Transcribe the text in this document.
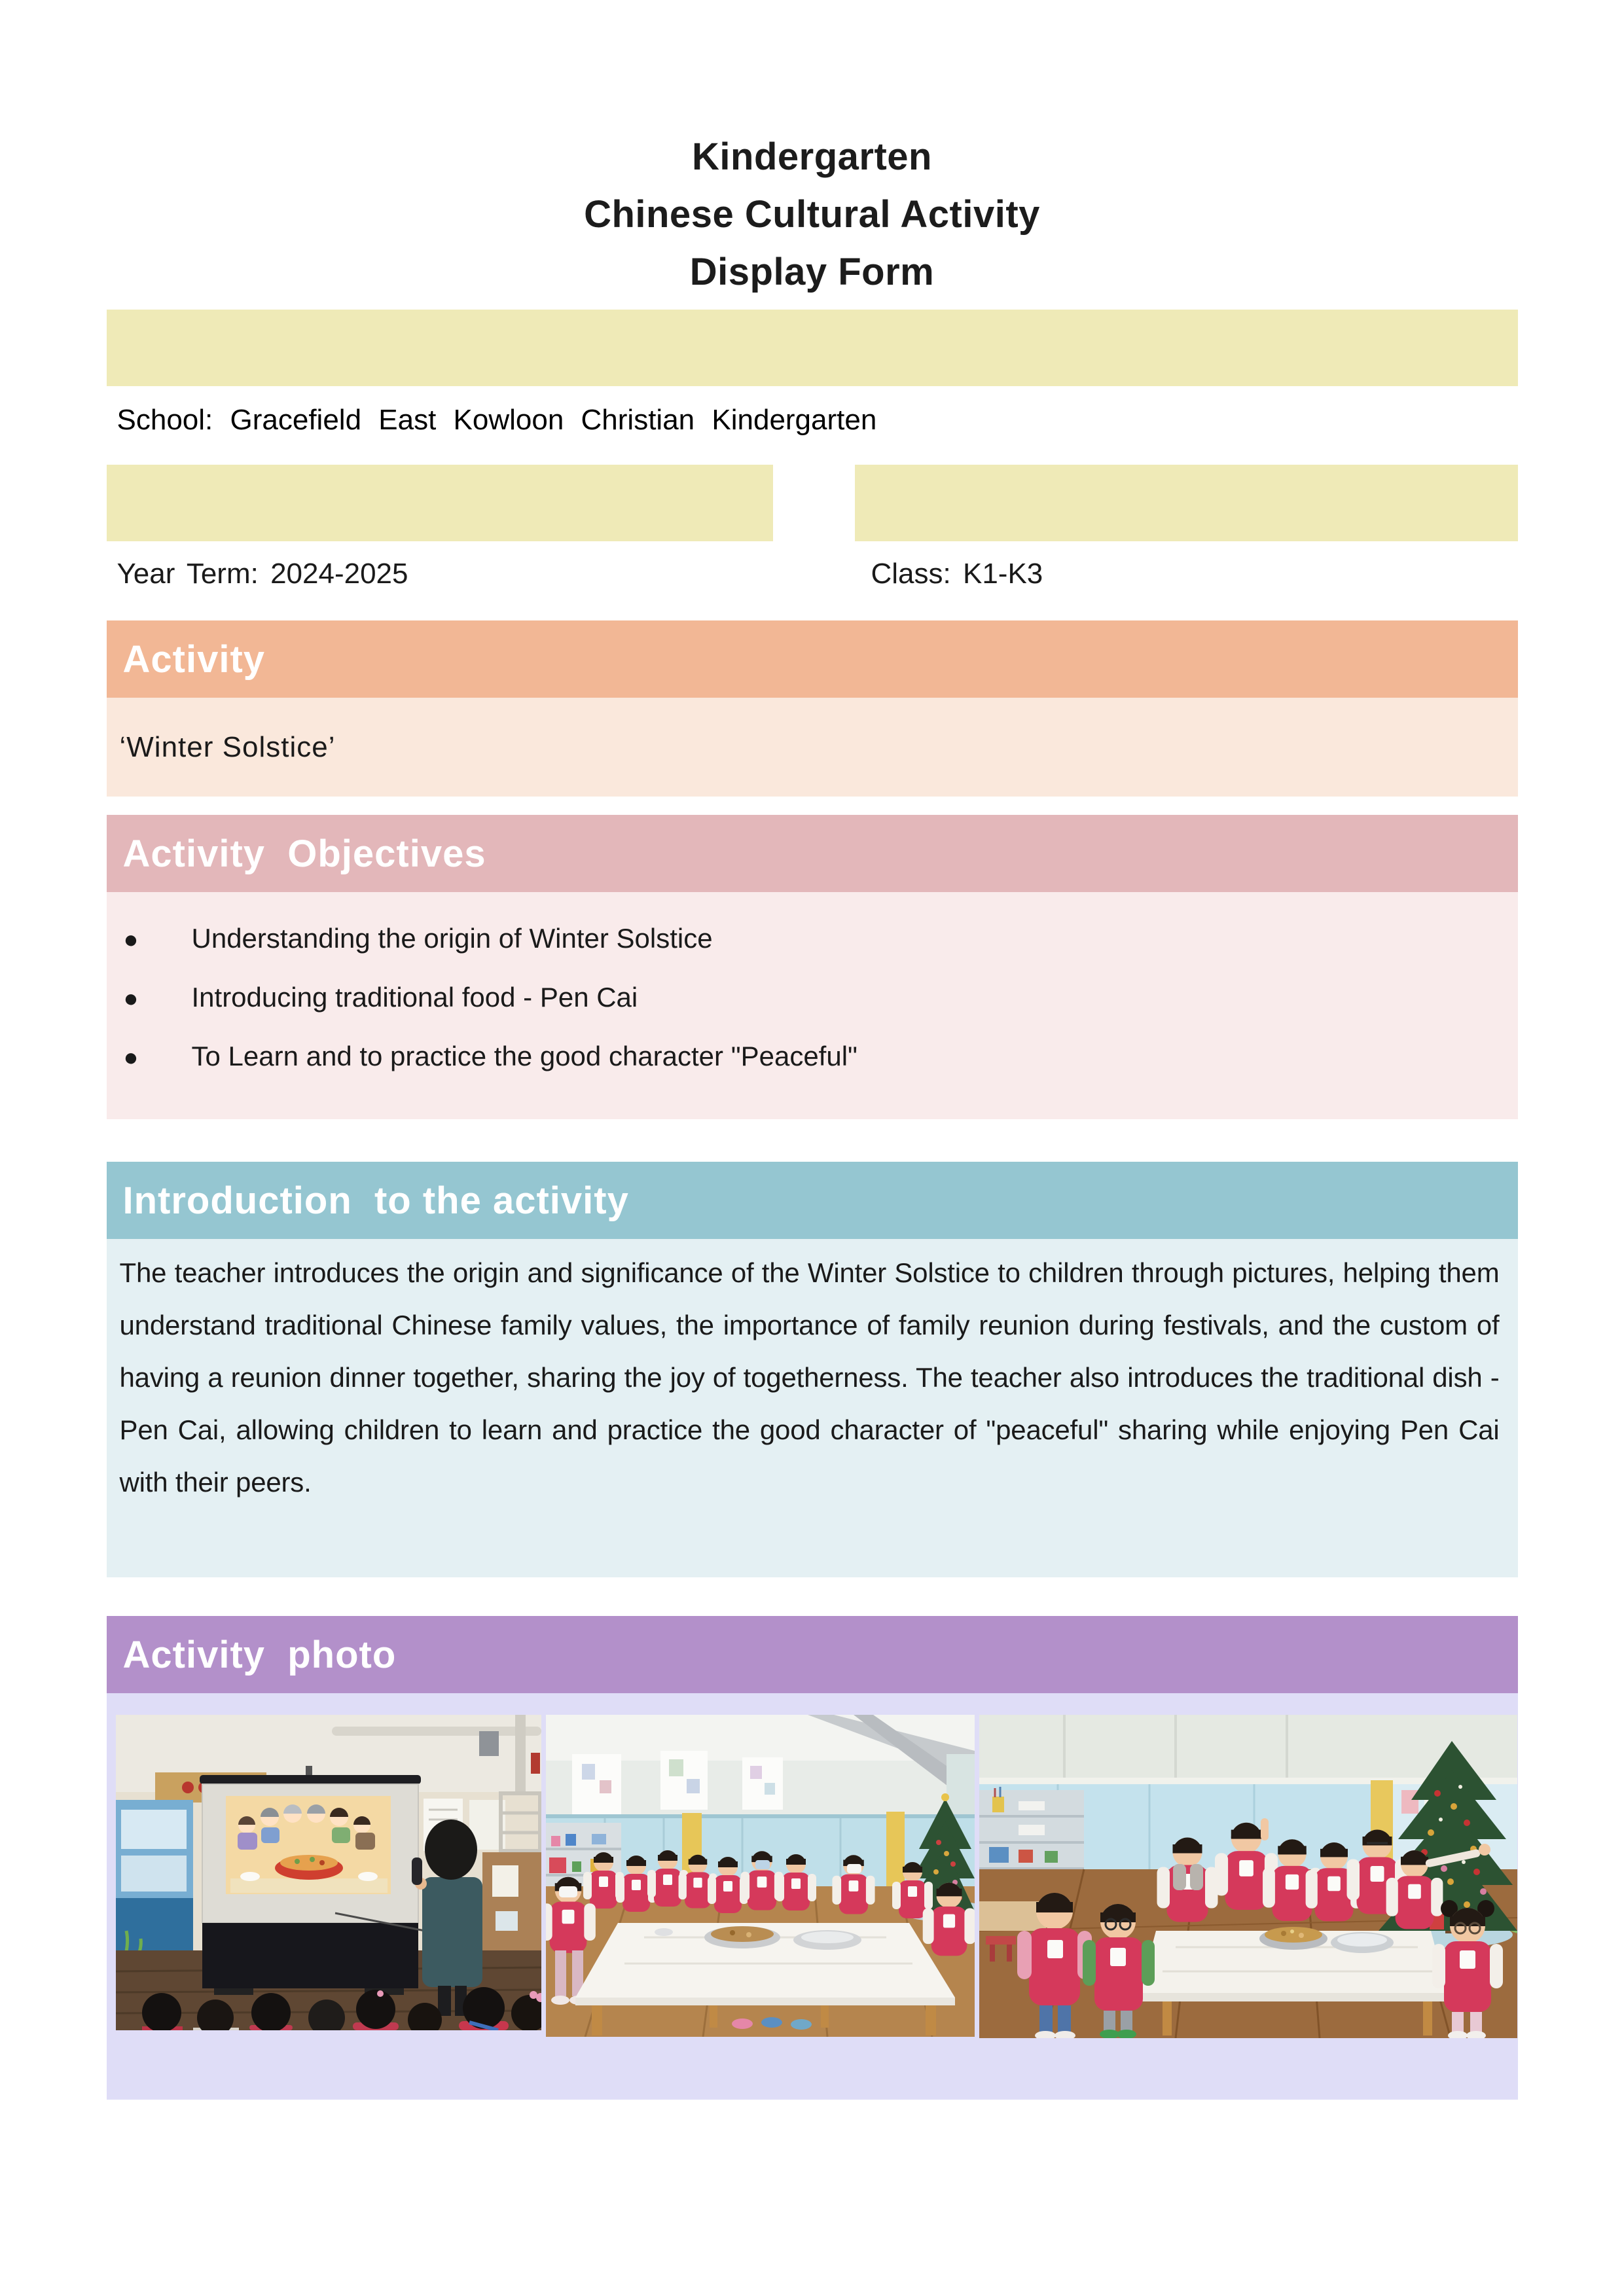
Kindergarten
Chinese Cultural Activity
Display Form
School: Gracefield East Kowloon Christian Kindergarten
Year Term: 2024-2025	Class: K1-K3
Activity
‘Winter Solstice’
Activity  Objectives
● Understanding the origin of Winter Solstice
● Introducing traditional food - Pen Cai
● To Learn and to practice the good character "Peaceful"
Introduction  to the activity
The teacher introduces the origin and significance of the Winter Solstice to children through pictures, helping them understand traditional Chinese family values, the importance of family reunion during festivals, and the custom of having a reunion dinner together, sharing the joy of togetherness. The teacher also introduces the traditional dish - Pen Cai, allowing children to learn and practice the good character of "peaceful" sharing while enjoying Pen Cai with their peers.
Activity  photo
